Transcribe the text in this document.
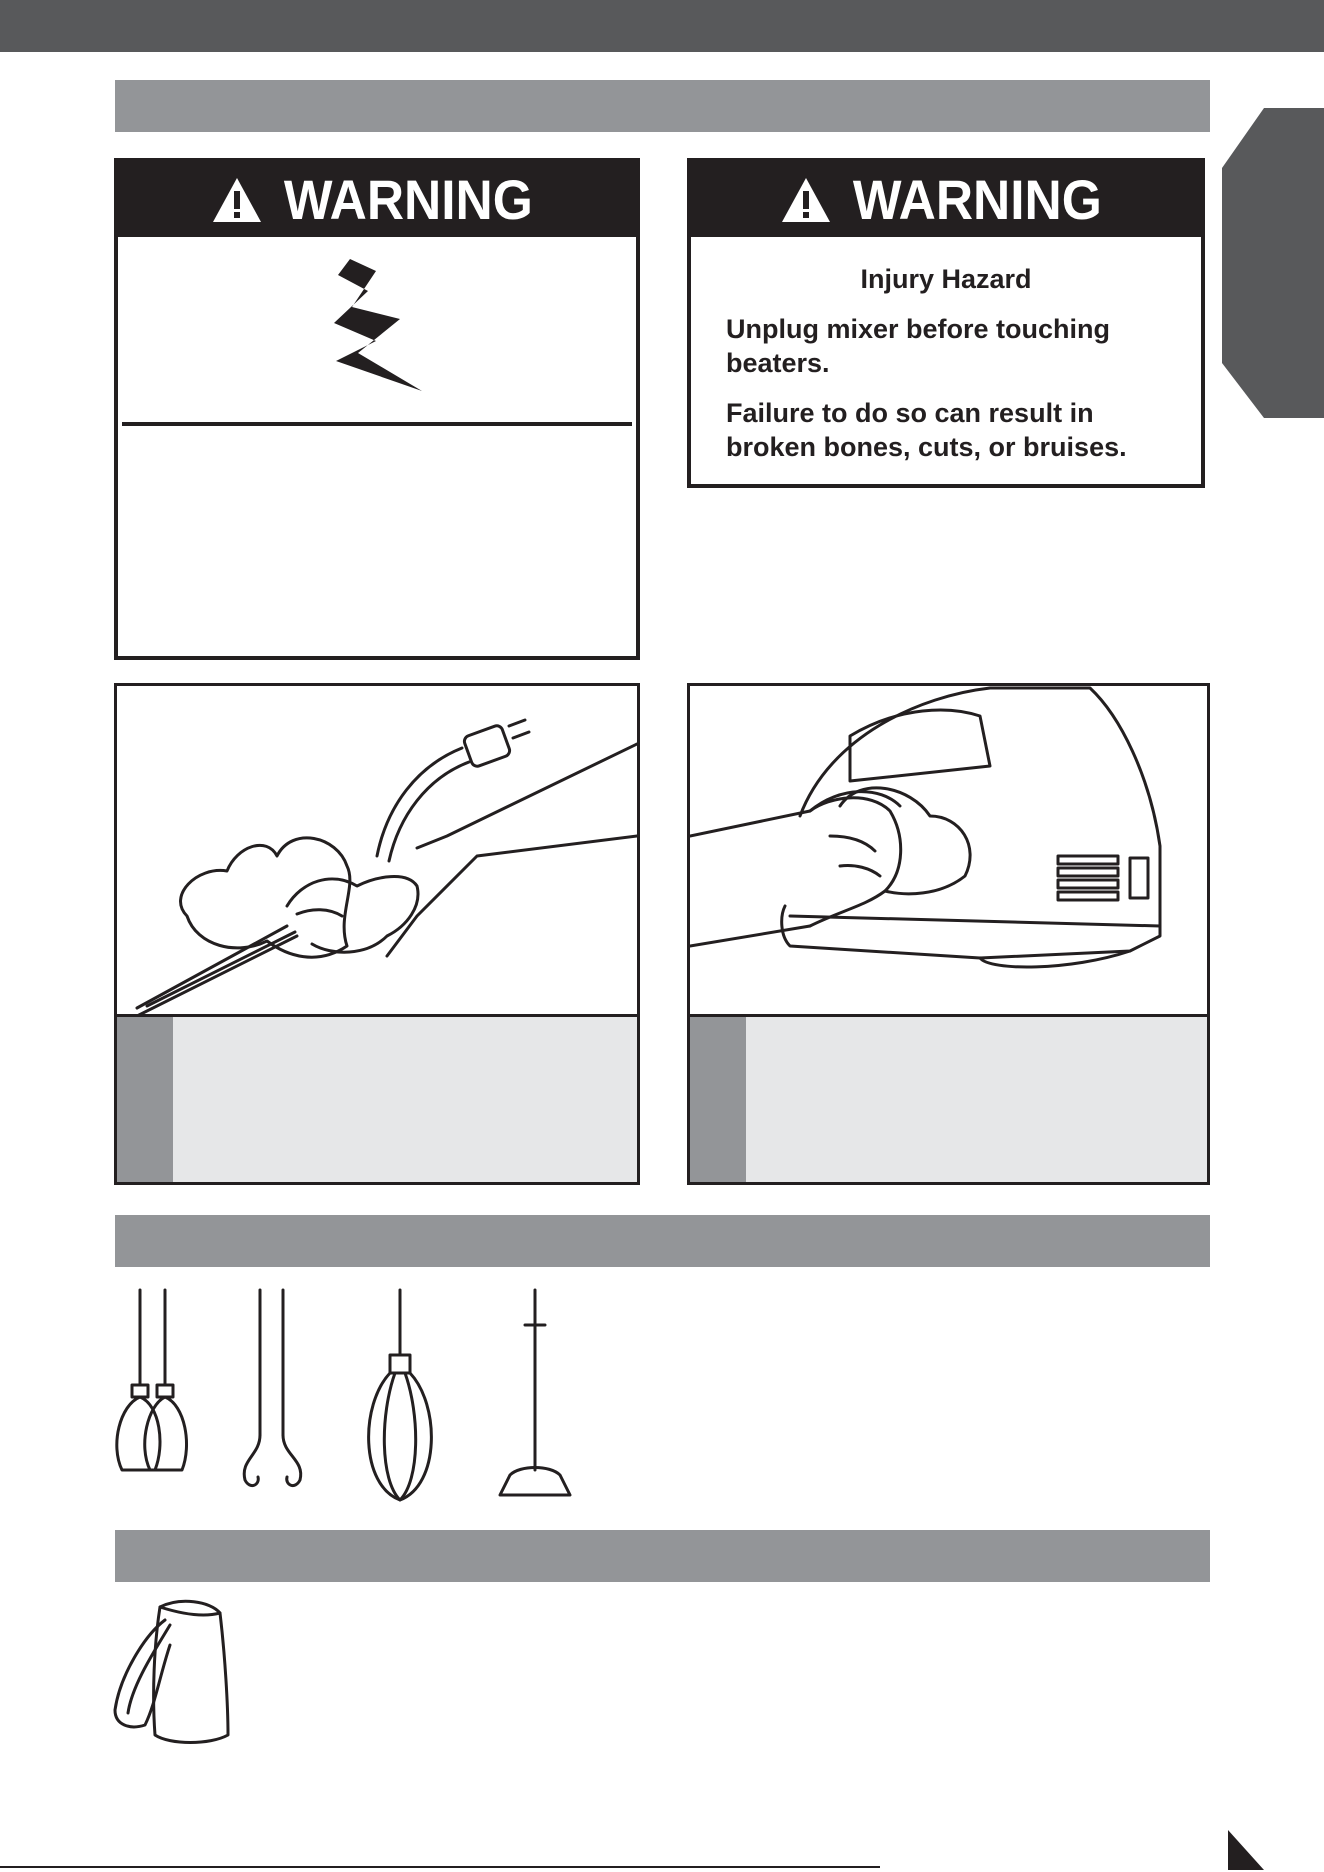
WARNING	WARNING
Injury Hazard
Unplug mixer before touching beaters.
Failure to do so can result in broken bones, cuts, or bruises.
